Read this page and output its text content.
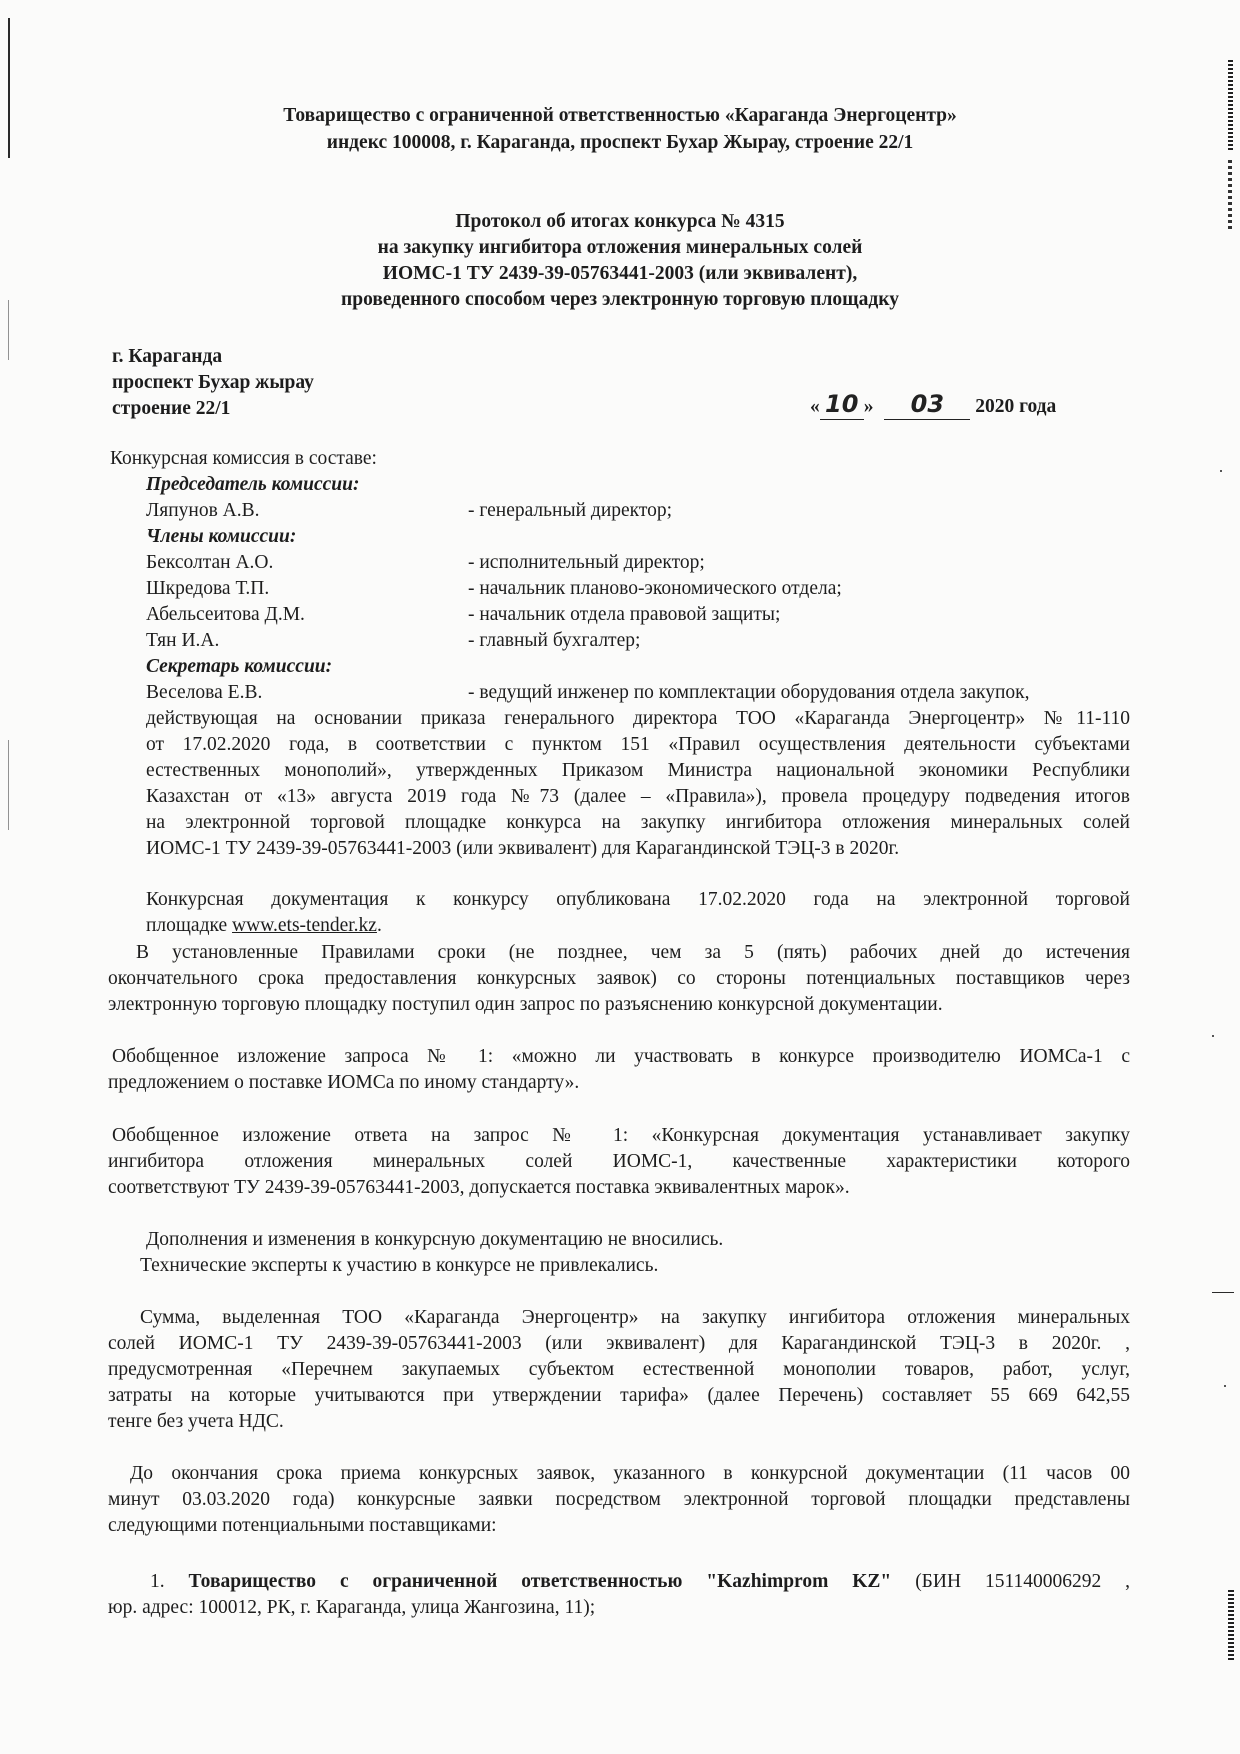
Товарищество с ограниченной ответственностью «Караганда Энергоцентр»
индекс 100008, г. Караганда, проспект Бухар Жырау, строение 22/1
Протокол об итогах конкурса № 4315
на закупку ингибитора отложения минеральных солей
ИОМС-1 ТУ 2439-39-05763441-2003 (или эквивалент),
проведенного способом через электронную торговую площадку
г. Караганда
проспект Бухар жырау
строение 22/1	« 10 » 03 2020 года
Конкурсная комиссия в составе:
Председатель комиссии:
Ляпунов А.В.	- генеральный директор;
Члены комиссии:
Бексолтан А.О.	- исполнительный директор;
Шкредова Т.П.	- начальник планово-экономического отдела;
Абельсеитова Д.М.	- начальник отдела правовой защиты;
Тян И.А.	- главный бухгалтер;
Секретарь комиссии:
Веселова Е.В.	- ведущий инженер по комплектации оборудования отдела закупок,
действующая на основании приказа генерального директора ТОО «Караганда Энергоцентр» №11-110
от 17.02.2020 года, в соответствии с пунктом 151 «Правил осуществления деятельности субъектами
естественных монополий», утвержденных Приказом Министра национальной экономики Республики
Казахстан от «13» августа 2019 года №73 (далее – «Правила»), провела процедуру подведения итогов
на электронной торговой площадке конкурса на закупку ингибитора отложения минеральных солей
ИОМС-1 ТУ 2439-39-05763441-2003 (или эквивалент) для Карагандинской ТЭЦ-3 в 2020г.
Конкурсная документация к конкурсу опубликована 17.02.2020 года на электронной торговой
площадке www.ets-tender.kz.
В установленные Правилами сроки (не позднее, чем за 5 (пять) рабочих дней до истечения
окончательного срока предоставления конкурсных заявок) со стороны потенциальных поставщиков через
электронную торговую площадку поступил один запрос по разъяснению конкурсной документации.
Обобщенное изложение запроса № 1: «можно ли участвовать в конкурсе производителю ИОМСа-1 с
предложением о поставке ИОМСа по иному стандарту».
Обобщенное изложение ответа на запрос № 1: «Конкурсная документация устанавливает закупку
ингибитора отложения минеральных солей ИОМС-1, качественные характеристики которого
соответствуют ТУ 2439-39-05763441-2003, допускается поставка эквивалентных марок».
Дополнения и изменения в конкурсную документацию не вносились.
Технические эксперты к участию в конкурсе не привлекались.
Сумма, выделенная ТОО «Караганда Энергоцентр» на закупку ингибитора отложения минеральных
солей ИОМС-1 ТУ 2439-39-05763441-2003 (или эквивалент) для Карагандинской ТЭЦ-3 в 2020г. ,
предусмотренная «Перечнем закупаемых субъектом естественной монополии товаров, работ, услуг,
затраты на которые учитываются при утверждении тарифа» (далее Перечень) составляет 55 669 642,55
тенге без учета НДС.
До окончания срока приема конкурсных заявок, указанного в конкурсной документации (11 часов 00
минут 03.03.2020 года) конкурсные заявки посредством электронной торговой площадки представлены
следующими потенциальными поставщиками:
1. Товарищество с ограниченной ответственностью "Kazhimprom KZ" (БИН 151140006292 ,
юр. адрес: 100012, РК, г. Караганда, улица Жангозина, 11);
